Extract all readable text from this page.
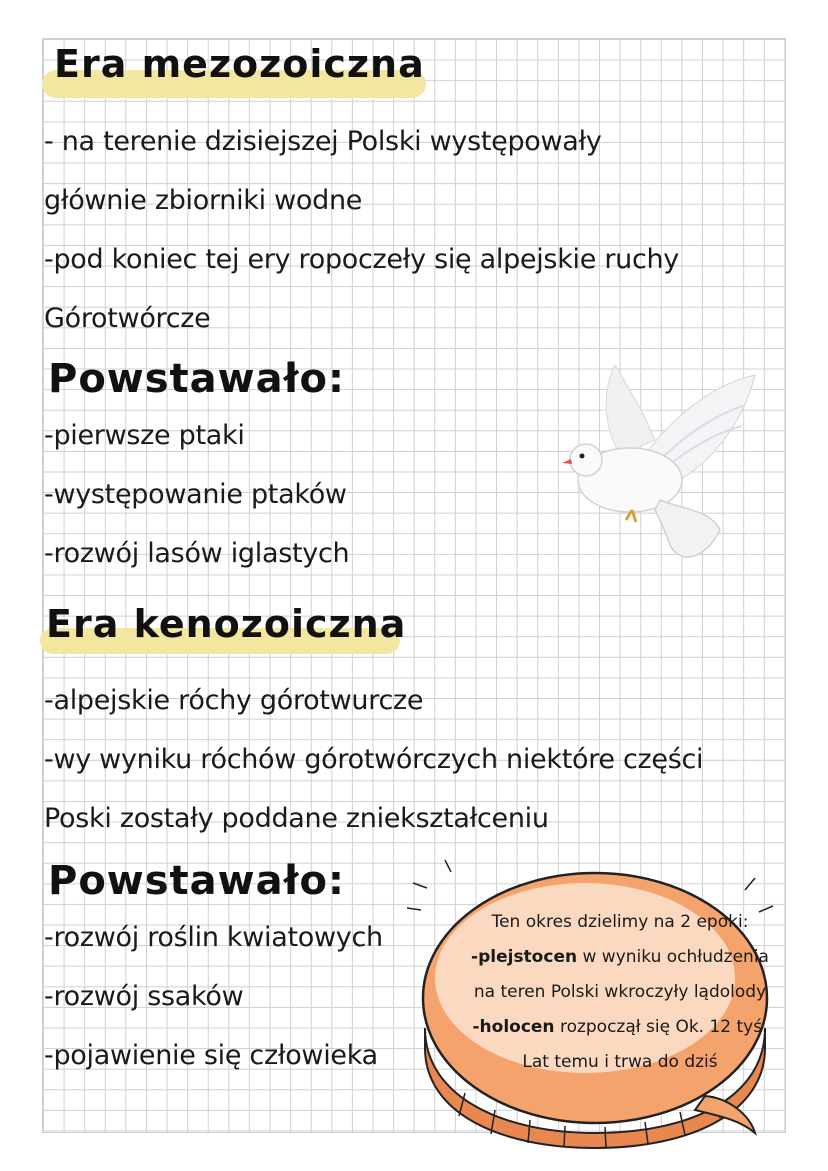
Era mezozoiczna
- na terenie dzisiejszej Polski występowały
głównie zbiorniki wodne
-pod koniec tej ery ropoczeły się alpejskie ruchy
Górotwórcze
Powstawało:
-pierwsze ptaki
-występowanie ptaków
-rozwój lasów iglastych
Era kenozoiczna
-alpejskie róchy górotwurcze
-wy wyniku róchów górotwórczych niektóre części
Poski zostały poddane zniekształceniu
Powstawało:
-rozwój roślin kwiatowych
-rozwój ssaków
-pojawienie się człowieka
Ten okres dzielimy na 2 epoki:
-plejstocen w wyniku ochłudzenia
na teren Polski wkroczyły lądolody
-holocen rozpoczął się Ok. 12 tyś.
Lat temu i trwa do dziś
